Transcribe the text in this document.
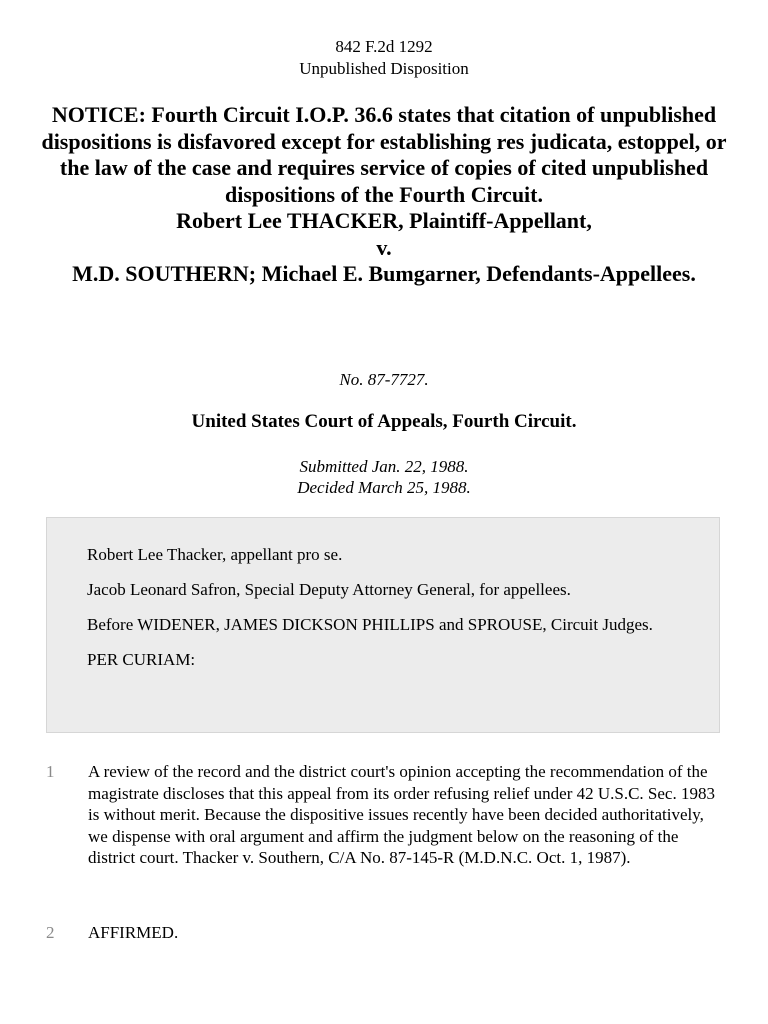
842 F.2d 1292
Unpublished Disposition
NOTICE: Fourth Circuit I.O.P. 36.6 states that citation of unpublished dispositions is disfavored except for establishing res judicata, estoppel, or the law of the case and requires service of copies of cited unpublished dispositions of the Fourth Circuit.
Robert Lee THACKER, Plaintiff-Appellant,
v.
M.D. SOUTHERN; Michael E. Bumgarner, Defendants-Appellees.
No. 87-7727.
United States Court of Appeals, Fourth Circuit.
Submitted Jan. 22, 1988.
Decided March 25, 1988.

Robert Lee Thacker, appellant pro se.

Jacob Leonard Safron, Special Deputy Attorney General, for appellees.

Before WIDENER, JAMES DICKSON PHILLIPS and SPROUSE, Circuit Judges.

PER CURIAM:

1	A review of the record and the district court's opinion accepting the recommendation of the magistrate discloses that this appeal from its order refusing relief under 42 U.S.C. Sec. 1983 is without merit. Because the dispositive issues recently have been decided authoritatively, we dispense with oral argument and affirm the judgment below on the reasoning of the district court. Thacker v. Southern, C/A No. 87-145-R (M.D.N.C. Oct. 1, 1987).
2	AFFIRMED.
